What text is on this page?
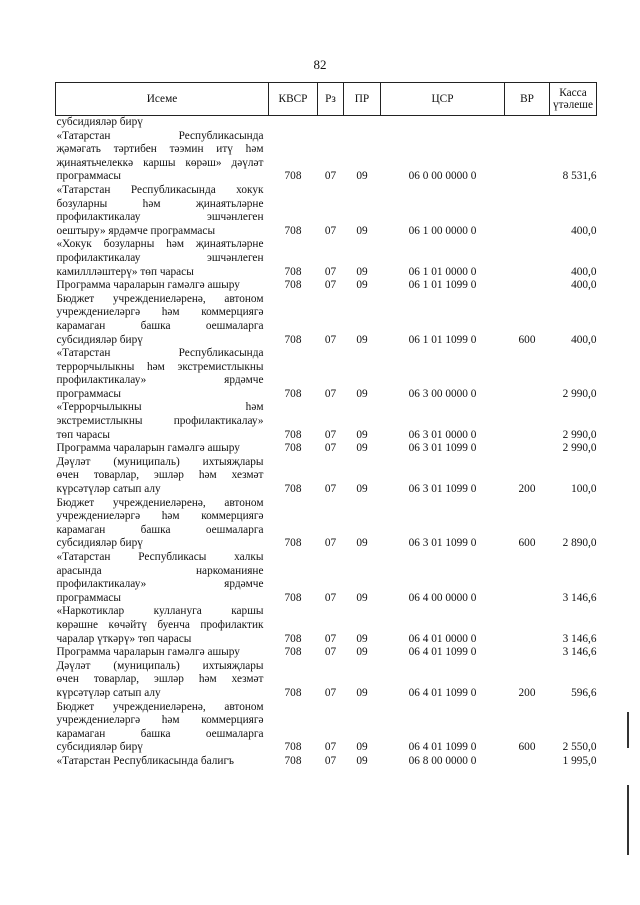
82
Исеме	КВСР	Рз	ПР	ЦСР	ВР	Касса
үтәлеше

субсидияләр бирү						

«Татарстан Республикасында
җәмәгать тәртибен тәэмин итү һәм
җинаятьчелеккә каршы көрәш» дәүләт
программасы	708	07	09	06 0 00 0000 0		8 531,6

«Татарстан Республикасында хокук
бозуларны һәм җинаятьләрне
профилактикалау эшчәнлеген
оештыру» ярдәмче программасы	708	07	09	06 1 00 0000 0		400,0

«Хокук бозуларны һәм җинаятьләрне
профилактикалау эшчәнлеген
камиллләштерү» төп чарасы	708	07	09	06 1 01 0000 0		400,0

Программа чараларын гамәлгә ашыру	708	07	09	06 1 01 1099 0		400,0

Бюджет учреждениеләренә, автоном
учреждениеләргә һәм коммерциягә
карамаган башка оешмаларга
субсидияләр бирү	708	07	09	06 1 01 1099 0	600	400,0

«Татарстан Республикасында
террорчылыкны һәм экстремистлыкны
профилактикалау» ярдәмче
программасы	708	07	09	06 3 00 0000 0		2 990,0

«Террорчылыкны һәм
экстремистлыкны профилактикалау»
төп чарасы	708	07	09	06 3 01 0000 0		2 990,0

Программа чараларын гамәлгә ашыру	708	07	09	06 3 01 1099 0		2 990,0

Дәүләт (муниципаль) ихтыяҗлары
өчен товарлар, эшләр һәм хезмәт
күрсәтүләр сатып алу	708	07	09	06 3 01 1099 0	200	100,0

Бюджет учреждениеләренә, автоном
учреждениеләргә һәм коммерциягә
карамаган башка оешмаларга
субсидияләр бирү	708	07	09	06 3 01 1099 0	600	2 890,0

«Татарстан Республикасы халкы
арасында наркоманияне
профилактикалау» ярдәмче
программасы	708	07	09	06 4 00 0000 0		3 146,6

«Наркотиклар куллануга каршы
көрәшне көчәйтү буенча профилактик
чаралар үткәрү» төп чарасы	708	07	09	06 4 01 0000 0		3 146,6

Программа чараларын гамәлгә ашыру	708	07	09	06 4 01 1099 0		3 146,6

Дәүләт (муниципаль) ихтыяҗлары
өчен товарлар, эшләр һәм хезмәт
күрсәтүләр сатып алу	708	07	09	06 4 01 1099 0	200	596,6

Бюджет учреждениеләренә, автоном
учреждениеләргә һәм коммерциягә
карамаган башка оешмаларга
субсидияләр бирү	708	07	09	06 4 01 1099 0	600	2 550,0

«Татарстан Республикасында балигъ	708	07	09	06 8 00 0000 0		1 995,0
